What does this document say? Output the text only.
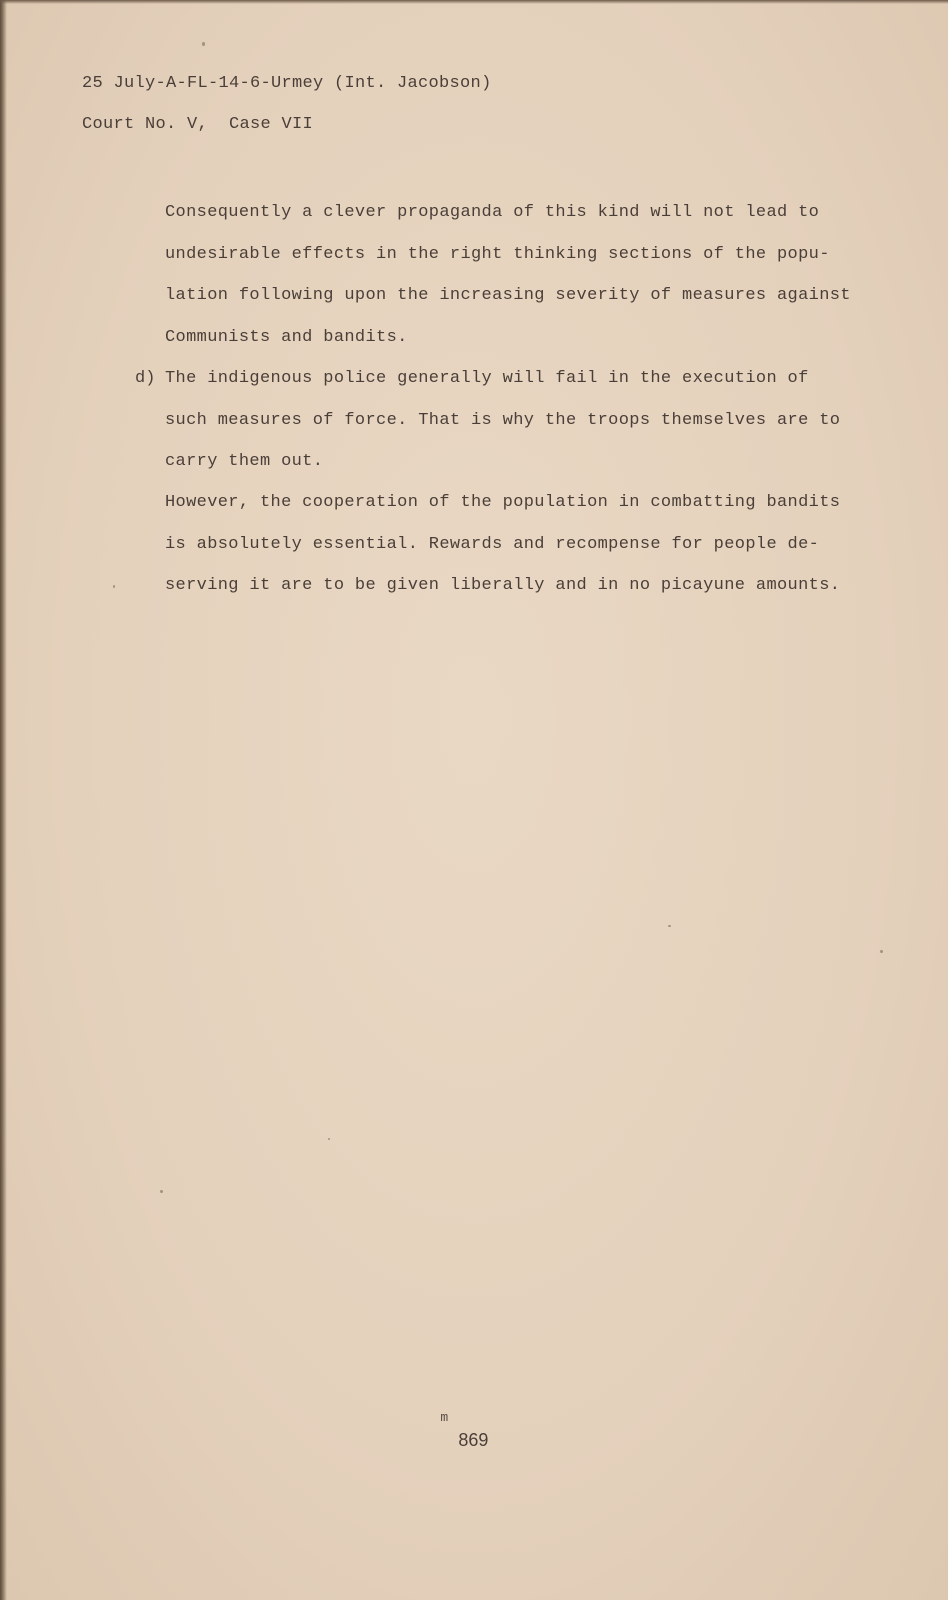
25 July-A-FL-14-6-Urmey (Int. Jacobson)
Court No. V,  Case VII
Consequently a clever propaganda of this kind will not lead to
undesirable effects in the right thinking sections of the popu-
lation following upon the increasing severity of measures against
Communists and bandits.
d) The indigenous police generally will fail in the execution of
such measures of force. That is why the troops themselves are to
carry them out.
However, the cooperation of the population in combatting bandits
is absolutely essential. Rewards and recompense for people de-
serving it are to be given liberally and in no picayune amounts.

$^m$
869
